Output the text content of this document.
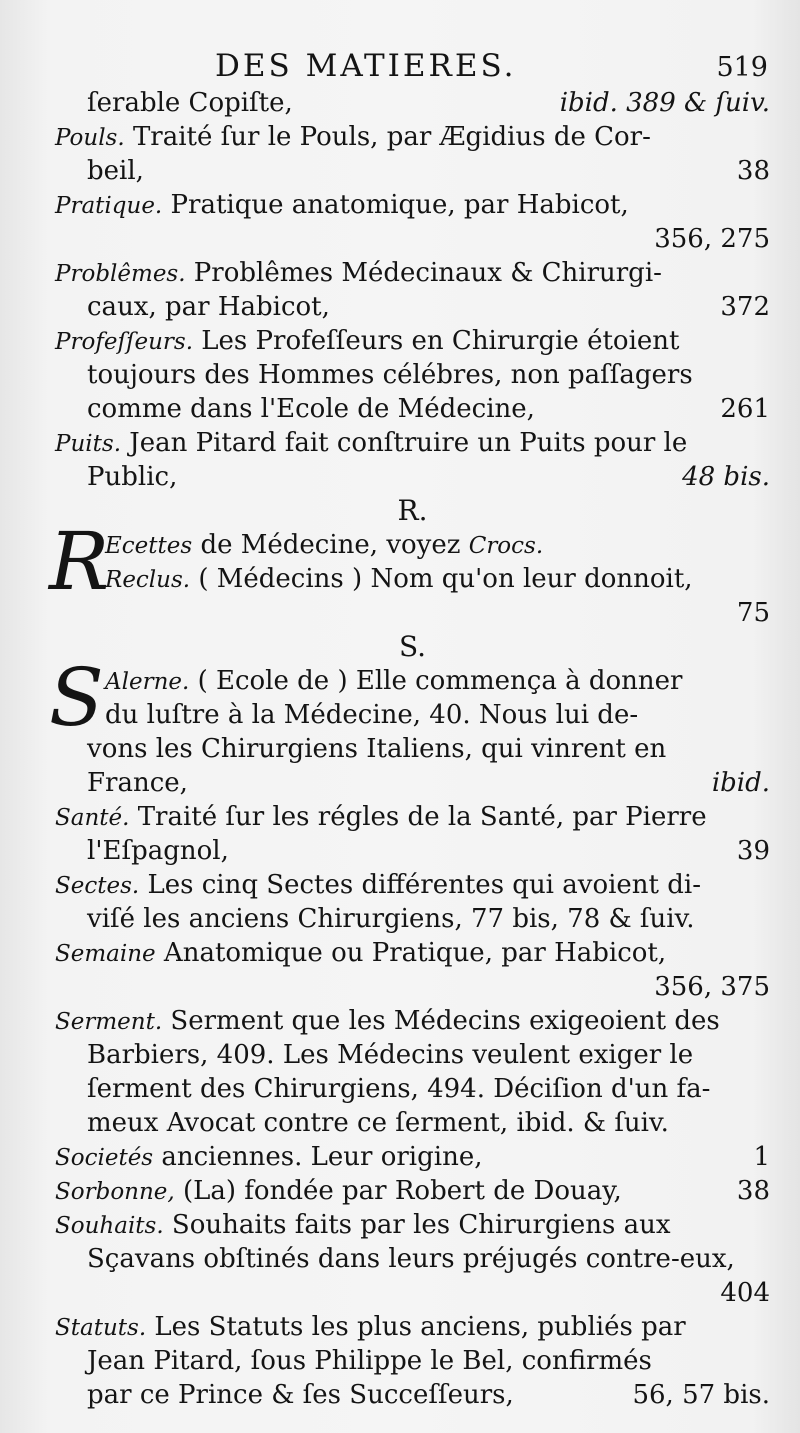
DES MATIERES.	519
ſerable Copiſte,	ibid. 389 & ſuiv.
Pouls. Traité ſur le Pouls, par Ægidius de Cor-
beil,	38
Pratique. Pratique anatomique, par Habicot,
356, 275
Problêmes. Problêmes Médecinaux & Chirurgi-
caux, par Habicot,	372
Profeſſeurs. Les Profeſſeurs en Chirurgie étoient
toujours des Hommes célébres, non paſſagers
comme dans l'Ecole de Médecine,	261
Puits. Jean Pitard fait conſtruire un Puits pour le
Public,	48 bis.
R.
R
Ecettes de Médecine, voyez Crocs.
Reclus. ( Médecins ) Nom qu'on leur donnoit,
75
S.
S Alerne. ( Ecole de ) Elle commença à donner
du luſtre à la Médecine, 40. Nous lui de-
vons les Chirurgiens Italiens, qui vinrent en
France,	ibid.
Santé. Traité ſur les régles de la Santé, par Pierre
l'Eſpagnol,	39
Sectes. Les cinq Sectes différentes qui avoient di-
viſé les anciens Chirurgiens, 77 bis, 78 & ſuiv.
Semaine Anatomique ou Pratique, par Habicot,
356, 375
Serment. Serment que les Médecins exigeoient des
Barbiers, 409. Les Médecins veulent exiger le
ſerment des Chirurgiens, 494. Déciſion d'un fa-
meux Avocat contre ce ſerment, ibid. & ſuiv.
Societés anciennes. Leur origine,	1
Sorbonne, (La) fondée par Robert de Douay,	38
Souhaits. Souhaits faits par les Chirurgiens aux
Sçavans obſtinés dans leurs préjugés contre-eux,
404
Statuts. Les Statuts les plus anciens, publiés par
Jean Pitard, ſous Philippe le Bel, confirmés
par ce Prince & ſes Succeſſeurs,	56, 57 bis.
